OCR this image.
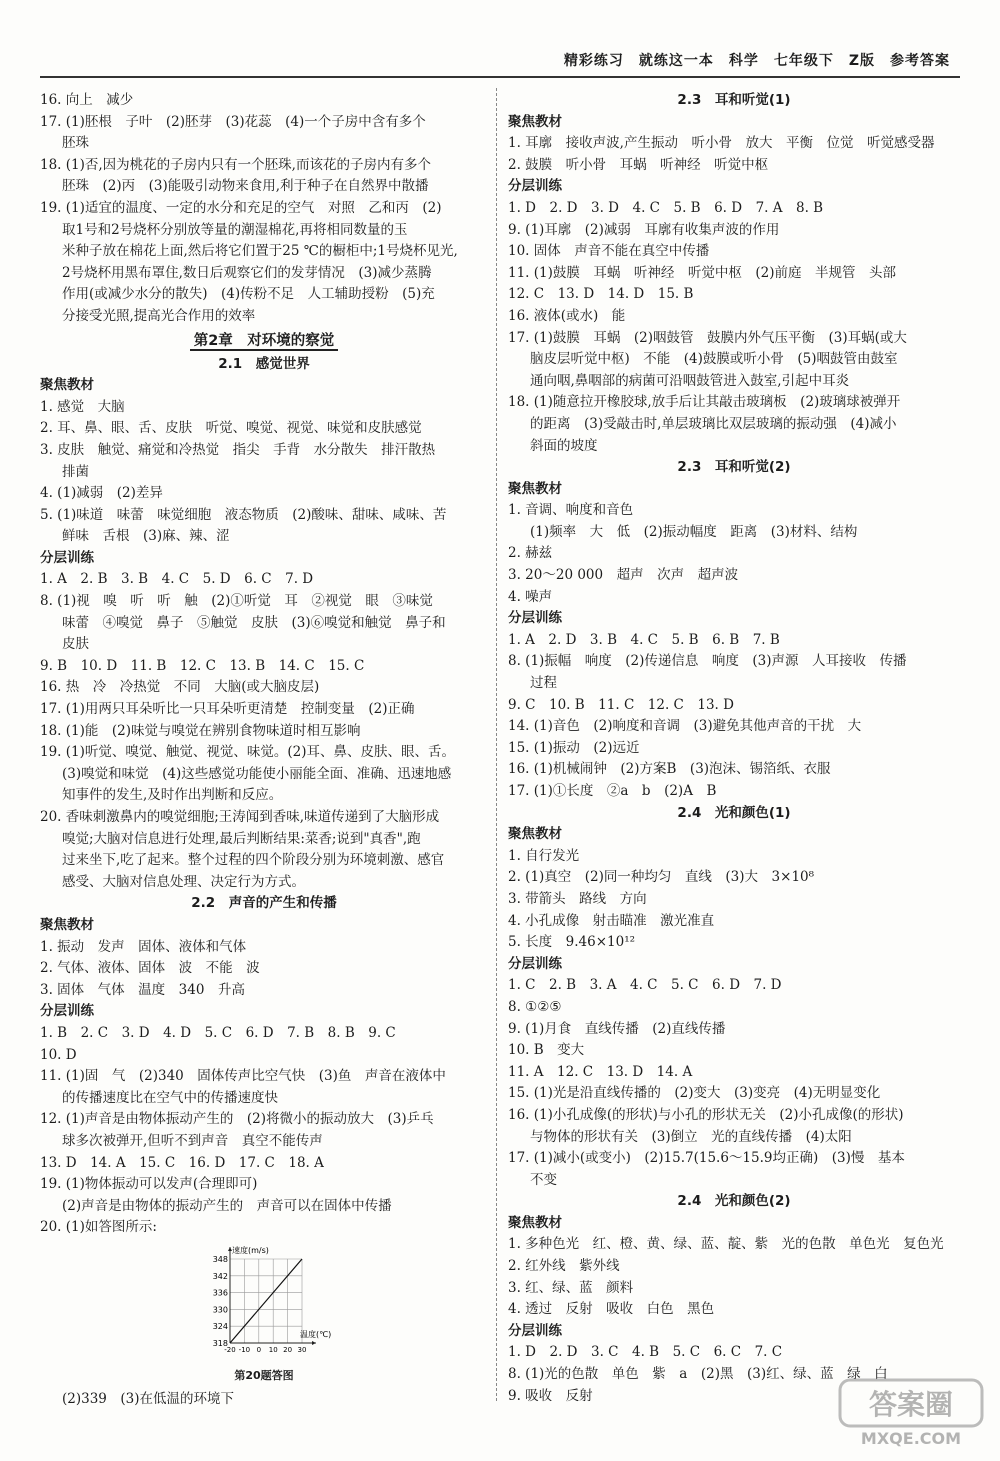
精彩练习　就练这一本　科学　七年级下　Z版　参考答案
16. 向上　减少
17. (1)胚根　子叶　(2)胚芽　(3)花蕊　(4)一个子房中含有多个
胚珠
18. (1)否,因为桃花的子房内只有一个胚珠,而该花的子房内有多个
胚珠　(2)丙　(3)能吸引动物来食用,利于种子在自然界中散播
19. (1)适宜的温度、一定的水分和充足的空气　对照　乙和丙　(2)
取1号和2号烧杯分别放等量的潮湿棉花,再将相同数量的玉
米种子放在棉花上面,然后将它们置于25 ℃的橱柜中;1号烧杯见光,
2号烧杯用黑布罩住,数日后观察它们的发芽情况　(3)减少蒸腾
作用(或减少水分的散失)　(4)传粉不足　人工辅助授粉　(5)充
分接受光照,提高光合作用的效率
第2章　对环境的察觉
2.1　感觉世界
聚焦教材
1. 感觉　大脑
2. 耳、鼻、眼、舌、皮肤　听觉、嗅觉、视觉、味觉和皮肤感觉
3. 皮肤　触觉、痛觉和冷热觉　指尖　手背　水分散失　排汗散热
排菌
4. (1)减弱　(2)差异
5. (1)味道　味蕾　味觉细胞　液态物质　(2)酸味、甜味、咸味、苦
鲜味　舌根　(3)麻、辣、涩
分层训练
1. A　2. B　3. B　4. C　5. D　6. C　7. D
8. (1)视　嗅　听　听　触　(2)①听觉　耳　②视觉　眼　③味觉
味蕾　④嗅觉　鼻子　⑤触觉　皮肤　(3)⑥嗅觉和触觉　鼻子和
皮肤
9. B　10. D　11. B　12. C　13. B　14. C　15. C
16. 热　冷　冷热觉　不同　大脑(或大脑皮层)
17. (1)用两只耳朵听比一只耳朵听更清楚　控制变量　(2)正确
18. (1)能　(2)味觉与嗅觉在辨别食物味道时相互影响
19. (1)听觉、嗅觉、触觉、视觉、味觉。(2)耳、鼻、皮肤、眼、舌。
(3)嗅觉和味觉　(4)这些感觉功能使小丽能全面、准确、迅速地感
知事件的发生,及时作出判断和反应。
20. 香味刺激鼻内的嗅觉细胞;王涛闻到香味,味道传递到了大脑形成
嗅觉;大脑对信息进行处理,最后判断结果:菜香;说到"真香",跑
过来坐下,吃了起来。整个过程的四个阶段分别为环境刺激、感官
感受、大脑对信息处理、决定行为方式。
2.2　声音的产生和传播
聚焦教材
1. 振动　发声　固体、液体和气体
2. 气体、液体、固体　波　不能　波
3. 固体　气体　温度　340　升高
分层训练
1. B　2. C　3. D　4. D　5. C　6. D　7. B　8. B　9. C
10. D
11. (1)固　气　(2)340　固体传声比空气快　(3)鱼　声音在液体中
的传播速度比在空气中的传播速度快
12. (1)声音是由物体振动产生的　(2)将微小的振动放大　(3)乒乓
球多次被弹开,但听不到声音　真空不能传声
13. D　14. A　15. C　16. D　17. C　18. A
19. (1)物体振动可以发声(合理即可)
(2)声音是由物体的振动产生的　声音可以在固体中传播
20. (1)如答图所示:
348
342
336
330
324
318
-20 -10 0 10 20 30
速度(m/s)
温度(℃)
第20题答图
(2)339　(3)在低温的环境下
2.3　耳和听觉(1)
聚焦教材
1. 耳廓　接收声波,产生振动　听小骨　放大　平衡　位觉　听觉感受器
2. 鼓膜　听小骨　耳蜗　听神经　听觉中枢
分层训练
1. D　2. D　3. D　4. C　5. B　6. D　7. A　8. B
9. (1)耳廓　(2)减弱　耳廓有收集声波的作用
10. 固体　声音不能在真空中传播
11. (1)鼓膜　耳蜗　听神经　听觉中枢　(2)前庭　半规管　头部
12. C　13. D　14. D　15. B
16. 液体(或水)　能
17. (1)鼓膜　耳蜗　(2)咽鼓管　鼓膜内外气压平衡　(3)耳蜗(或大
脑皮层听觉中枢)　不能　(4)鼓膜或听小骨　(5)咽鼓管由鼓室
通向咽,鼻咽部的病菌可沿咽鼓管进入鼓室,引起中耳炎
18. (1)随意拉开橡胶球,放手后让其敲击玻璃板　(2)玻璃球被弹开
的距离　(3)受敲击时,单层玻璃比双层玻璃的振动强　(4)减小
斜面的坡度
2.3　耳和听觉(2)
聚焦教材
1. 音调、响度和音色
(1)频率　大　低　(2)振动幅度　距离　(3)材料、结构
2. 赫兹
3. 20～20 000　超声　次声　超声波
4. 噪声
分层训练
1. A　2. D　3. B　4. C　5. B　6. B　7. B
8. (1)振幅　响度　(2)传递信息　响度　(3)声源　人耳接收　传播
过程
9. C　10. B　11. C　12. C　13. D
14. (1)音色　(2)响度和音调　(3)避免其他声音的干扰　大
15. (1)振动　(2)远近
16. (1)机械闹钟　(2)方案B　(3)泡沫、锡箔纸、衣服
17. (1)①长度　②a　b　(2)A　B
2.4　光和颜色(1)
聚焦教材
1. 自行发光
2. (1)真空　(2)同一种均匀　直线　(3)大　3×10⁸
3. 带箭头　路线　方向
4. 小孔成像　射击瞄准　激光准直
5. 长度　9.46×10¹²
分层训练
1. C　2. B　3. A　4. C　5. C　6. D　7. D
8. ①②⑤
9. (1)月食　直线传播　(2)直线传播
10. B　变大
11. A　12. C　13. D　14. A
15. (1)光是沿直线传播的　(2)变大　(3)变亮　(4)无明显变化
16. (1)小孔成像(的形状)与小孔的形状无关　(2)小孔成像(的形状)
与物体的形状有关　(3)倒立　光的直线传播　(4)太阳
17. (1)减小(或变小)　(2)15.7(15.6～15.9均正确)　(3)慢　基本
不变
2.4　光和颜色(2)
聚焦教材
1. 多种色光　红、橙、黄、绿、蓝、靛、紫　光的色散　单色光　复色光
2. 红外线　紫外线
3. 红、绿、蓝　颜料
4. 透过　反射　吸收　白色　黑色
分层训练
1. D　2. D　3. C　4. B　5. C　6. C　7. C
8. (1)光的色散　单色　紫　a　(2)黑　(3)红、绿、蓝　绿　白
9. 吸收　反射	答案圈
MXQE.COM
